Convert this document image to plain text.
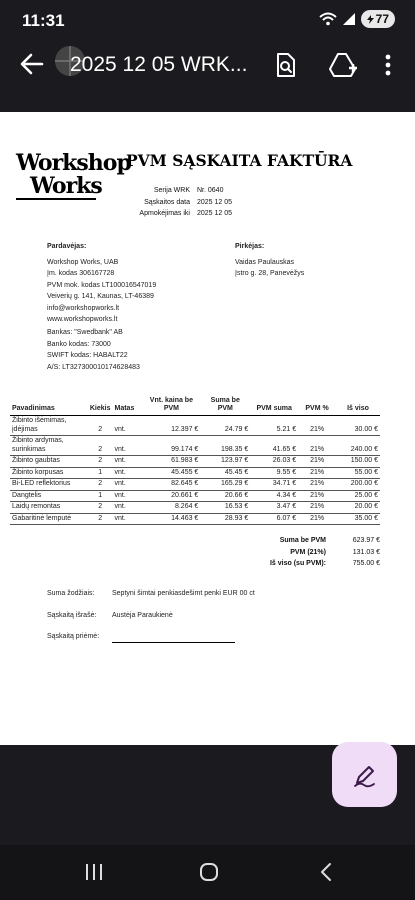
11:31	77
2025 12 05 WRK...
Workshop
Works
PVM SĄSKAITA FAKTŪRA
Serija WRK
Sąskaitos data
Apmokėjimas iki
Nr. 0640
2025 12 05
2025 12 05
Pardavėjas:
Workshop Works, UAB
Įm. kodas 306167728
PVM mok. kodas LT100016547019
Veiverių g. 141, Kaunas, LT-46389
info@workshopworks.lt
www.workshopworks.lt
Pirkėjas:
Vaidas Paulauskas
Įstro g. 28, Panevėžys
Bankas: "Swedbank" AB
Banko kodas: 73000
SWIFT kodas: HABALT22
A/S: LT327300010174628483
Pavadinimas	Kiekis	Matas	Vnt. kaina be PVM	Suma be PVM	PVM suma	PVM %	Iš viso
Žibinto išėmimas, įdėjimas	2	vnt.	12.397 €	24.79 €	5.21 €	21%	30.00 €
Žibinto ardymas, surinkimas	2	vnt.	99.174 €	198.35 €	41.65 €	21%	240.00 €
Žibinto gaubtas	2	vnt.	61.983 €	123.97 €	26.03 €	21%	150.00 €
Žibinto korpusas	1	vnt.	45.455 €	45.45 €	9.55 €	21%	55.00 €
Bi-LED reflektorius	2	vnt.	82.645 €	165.29 €	34.71 €	21%	200.00 €
Dangtelis	1	vnt.	20.661 €	20.66 €	4.34 €	21%	25.00 €
Laidų remontas	2	vnt.	8.264 €	16.53 €	3.47 €	21%	20.00 €
Gabaritinė lemputė	2	vnt.	14.463 €	28.93 €	6.07 €	21%	35.00 €
Suma be PVM	623.97 €
PVM (21%)	131.03 €
Iš viso (su PVM):	755.00 €
Suma žodžiais:	Septyni šimtai penkiasdešimt penki EUR 00 ct
Sąskaitą išrašė:	Austėja Paraukienė
Sąskaitą priėmė:
